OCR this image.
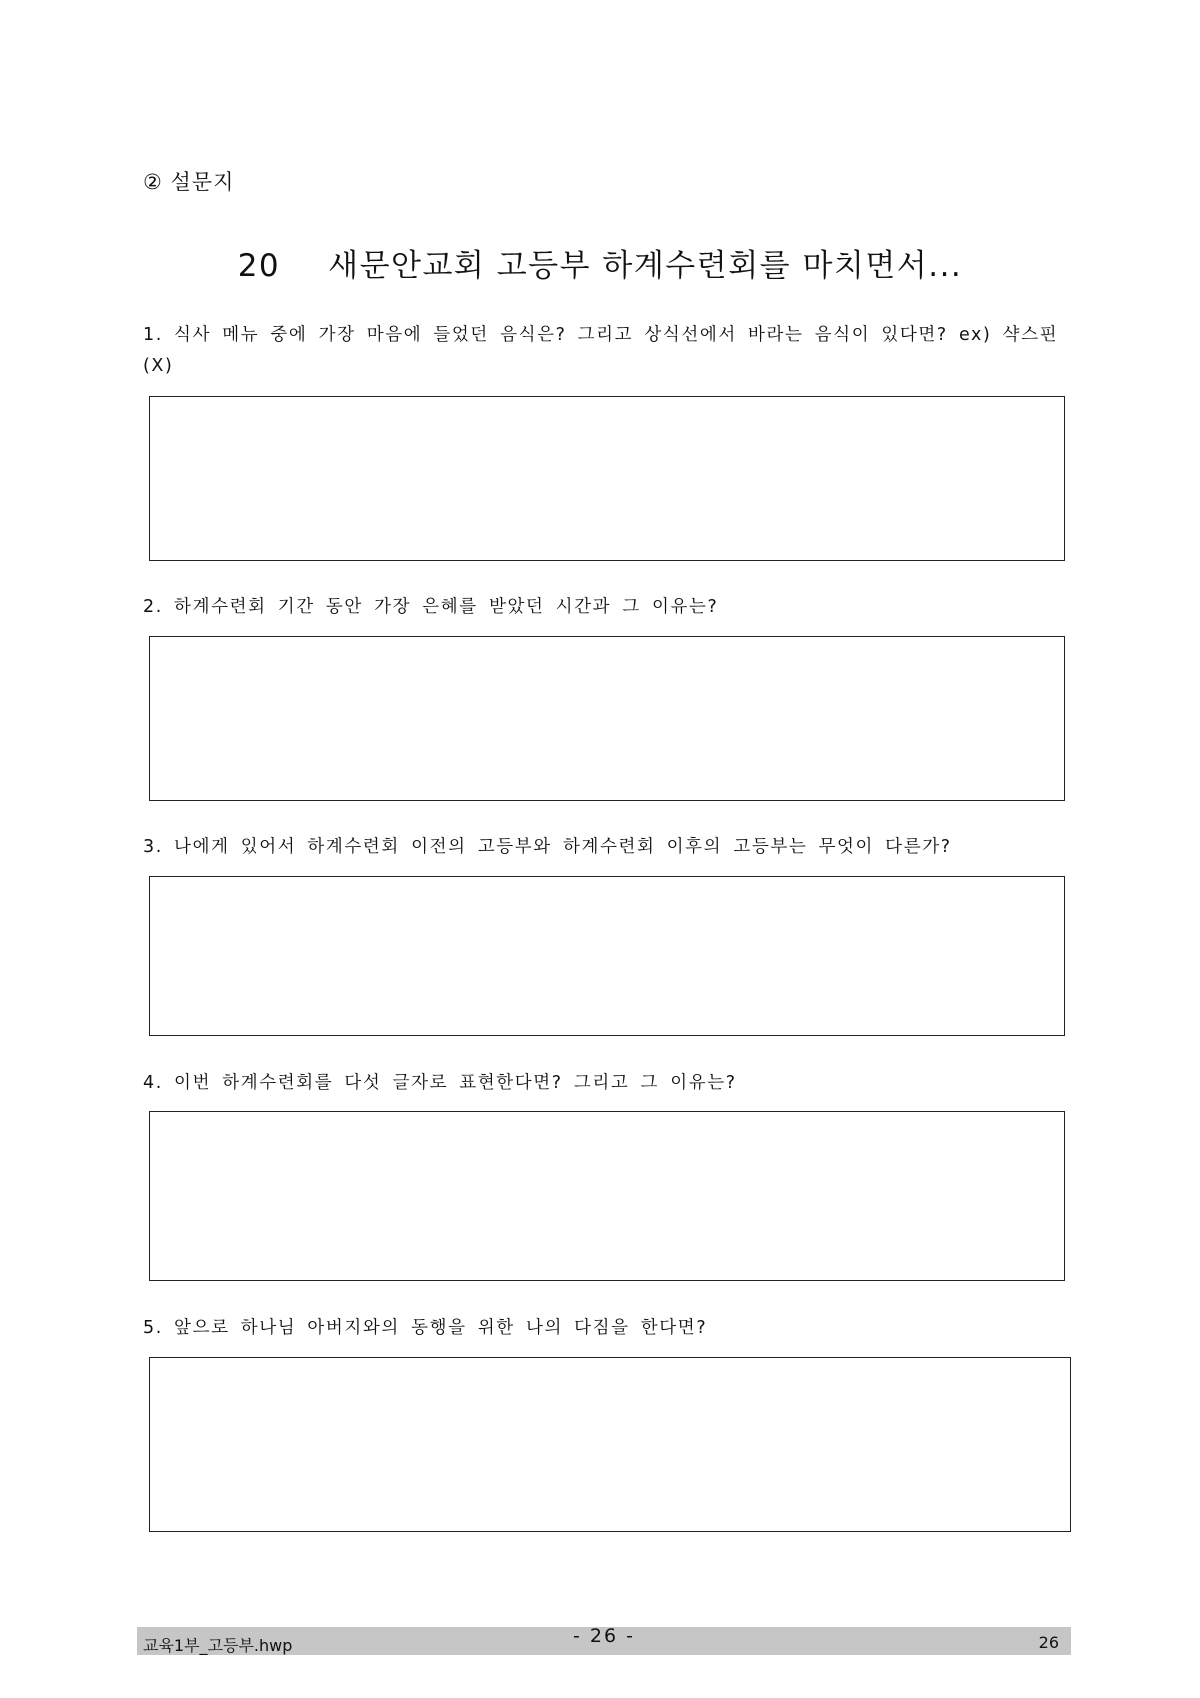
② 설문지
20 새문안교회 고등부 하계수련회를 마치면서...
1. 식사 메뉴 중에 가장 마음에 들었던 음식은? 그리고 상식선에서 바라는 음식이 있다면? ex) 샥스핀(X)
2. 하계수련회 기간 동안 가장 은혜를 받았던 시간과 그 이유는?
3. 나에게 있어서 하계수련회 이전의 고등부와 하계수련회 이후의 고등부는 무엇이 다른가?
4. 이번 하계수련회를 다섯 글자로 표현한다면? 그리고 그 이유는?
5. 앞으로 하나님 아버지와의 동행을 위한 나의 다짐을 한다면?
교육1부_고등부.hwp	- 26 -	26
